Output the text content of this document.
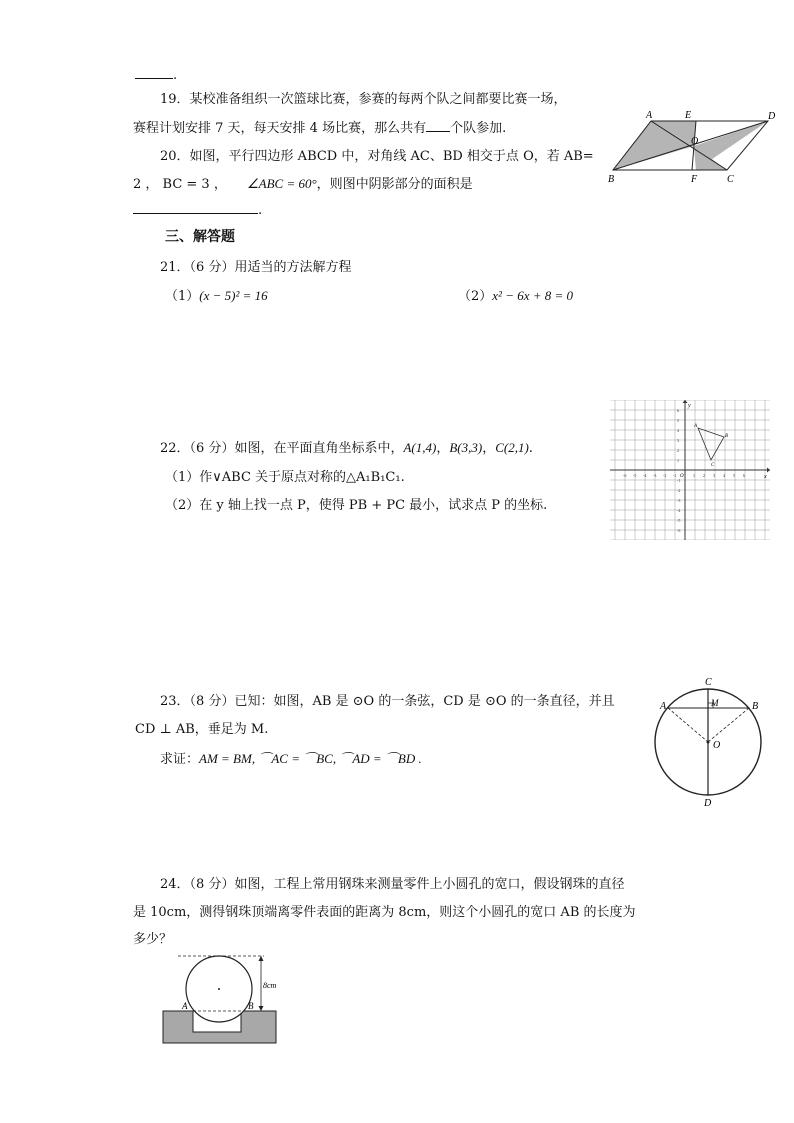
.
19．某校准备组织一次篮球比赛，参赛的每两个队之间都要比赛一场，
赛程计划安排 7 天，每天安排 4 场比赛，那么共有 个队参加.
20．如图，平行四边形 ABCD 中，对角线 AC、BD 相交于点 O，若 AB=
2 ， BC = 3 ， ∠ABC = 60°，则图中阴影部分的面积是
.
A	E	D
O
B	F	C
三、解答题
21．（6 分）用适当的方法解方程
（1）(x − 5)² = 16	（2）x² − 6x + 8 = 0
22．（6 分）如图，在平面直角坐标系中，A(1,4)，B(3,3)，C(2,1).
（1）作∨ABC 关于原点对称的△A₁B₁C₁.
（2）在 y 轴上找一点 P，使得 PB + PC 最小，试求点 P 的坐标.
-6 -5 -4 -3 -2 -1	1 2 3 4 5 6
6
5
4
3
2
1
-1
-2
-3
-4
-5
-6
A
B
C
x
y
O
23．（8 分）已知：如图，AB 是 ⊙O 的一条弦，CD 是 ⊙O 的一条直径，并且
CD ⊥ AB，垂足为 M.
求证：AM = BM, ⌒AC = ⌒BC, ⌒AD = ⌒BD .
C
A	B
M
O
D
24．（8 分）如图，工程上常用钢珠来测量零件上小圆孔的宽口，假设钢珠的直径
是 10cm，测得钢珠顶端离零件表面的距离为 8cm，则这个小圆孔的宽口 AB 的长度为
多少？
8cm
A	B
